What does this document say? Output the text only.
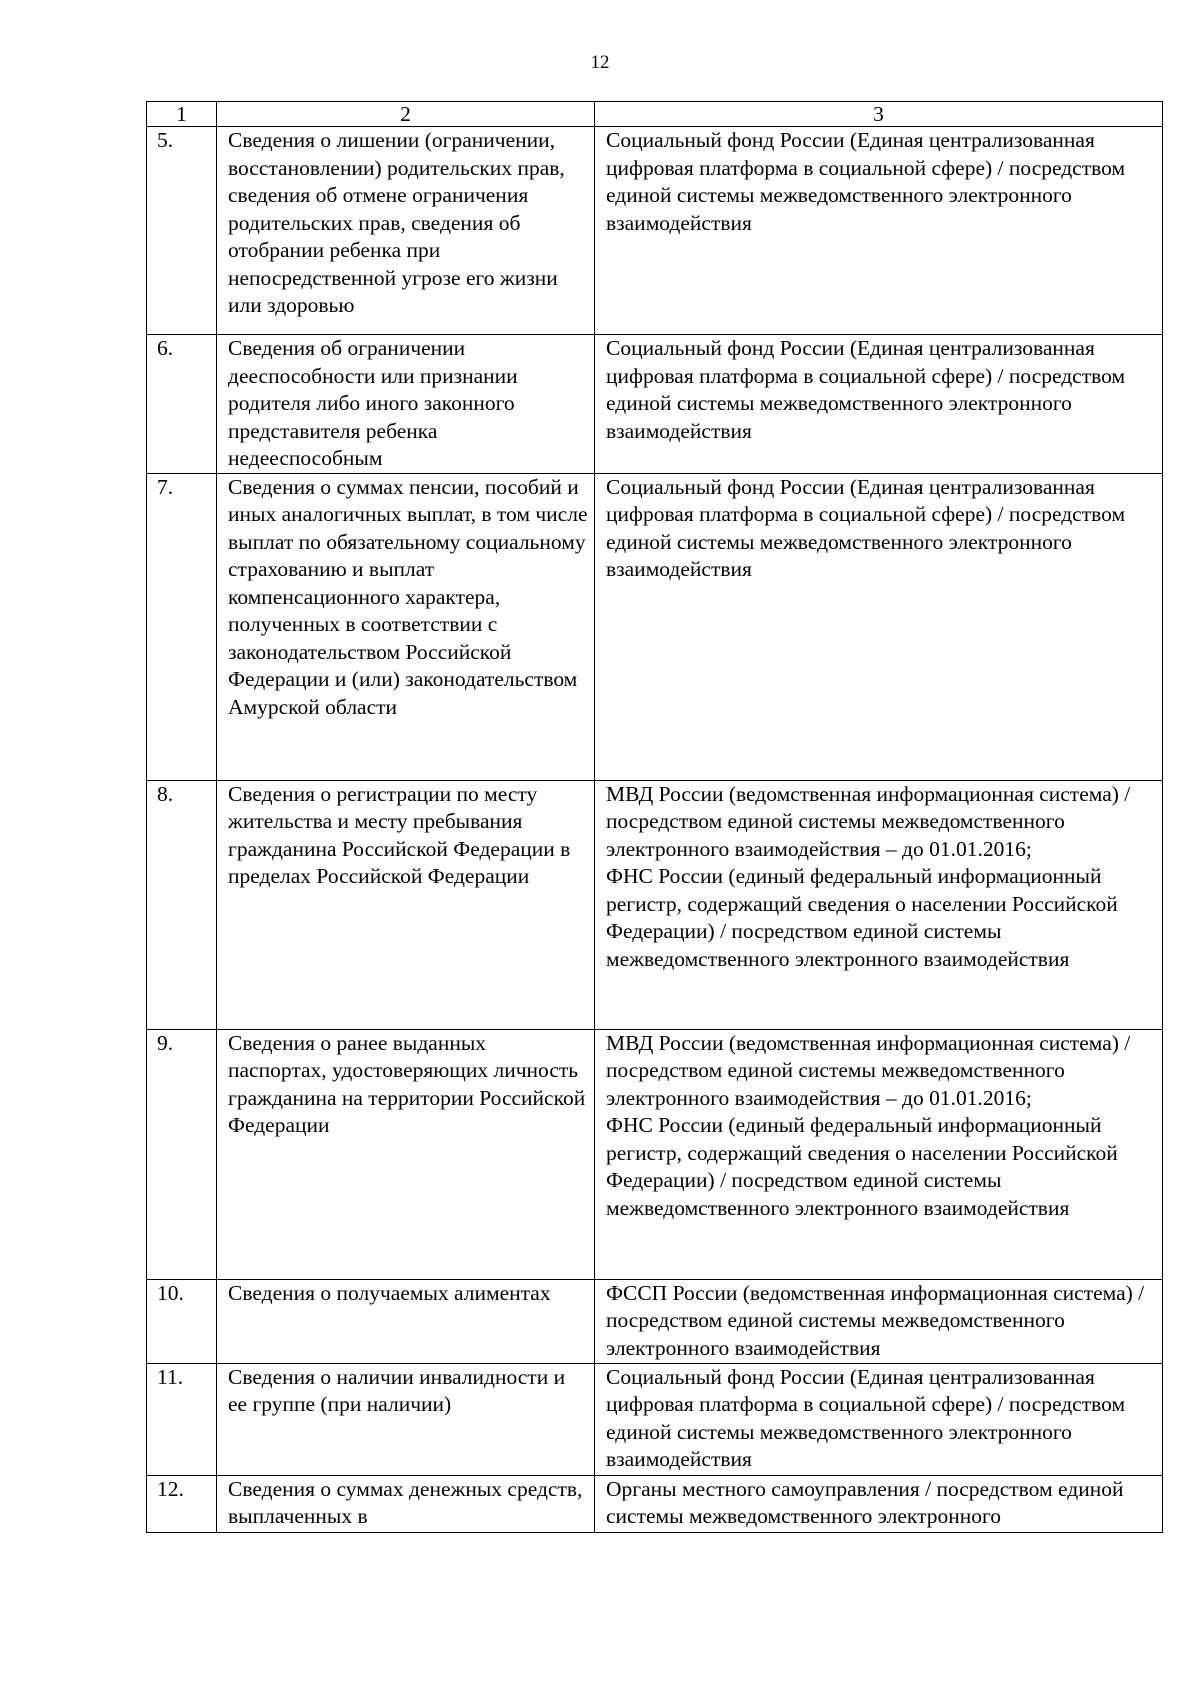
12
1	2	3
5.	Сведения о лишении (ограничении, восстановлении) родительских прав, сведения об отмене ограничения родительских прав, сведения об отобрании ребенка при непосредственной угрозе его жизни или здоровью	Социальный фонд России (Единая централизованная цифровая платформа в социальной сфере) / посредством единой системы межведомственного электронного взаимодействия

6.	Сведения об ограничении дееспособности или признании родителя либо иного законного представителя ребенка недееспособным	Социальный фонд России (Единая централизованная цифровая платформа в социальной сфере) / посредством единой системы межведомственного электронного взаимодействия

7.	Сведения о суммах пенсии, пособий и иных аналогичных выплат, в том числе выплат по обязательному социальному страхованию и выплат компенсационного характера, полученных в соответствии с законодательством Российской Федерации и (или) законодательством Амурской области	Социальный фонд России (Единая централизованная цифровая платформа в социальной сфере) / посредством единой системы межведомственного электронного взаимодействия

8.	Сведения о регистрации по месту жительства и месту пребывания гражданина Российской Федерации в пределах Российской Федерации	МВД России (ведомственная информационная система) / посредством единой системы межведомственного электронного взаимодействия – до 01.01.2016;
ФНС России (единый федеральный информационный регистр, содержащий сведения о населении Российской Федерации) / посредством единой системы межведомственного электронного взаимодействия

9.	Сведения о ранее выданных паспортах, удостоверяющих личность гражданина на территории Российской Федерации	МВД России (ведомственная информационная система) / посредством единой системы межведомственного электронного взаимодействия – до 01.01.2016;
ФНС России (единый федеральный информационный регистр, содержащий сведения о населении Российской Федерации) / посредством единой системы межведомственного электронного взаимодействия

10.	Сведения о получаемых алиментах	ФССП России (ведомственная информационная система) / посредством единой системы межведомственного электронного взаимодействия

11.	Сведения о наличии инвалидности и ее группе (при наличии)	Социальный фонд России (Единая централизованная цифровая платформа в социальной сфере) / посредством единой системы межведомственного электронного взаимодействия

12.	Сведения о суммах денежных средств, выплаченных в	Органы местного самоуправления / посредством единой системы межведомственного электронного
